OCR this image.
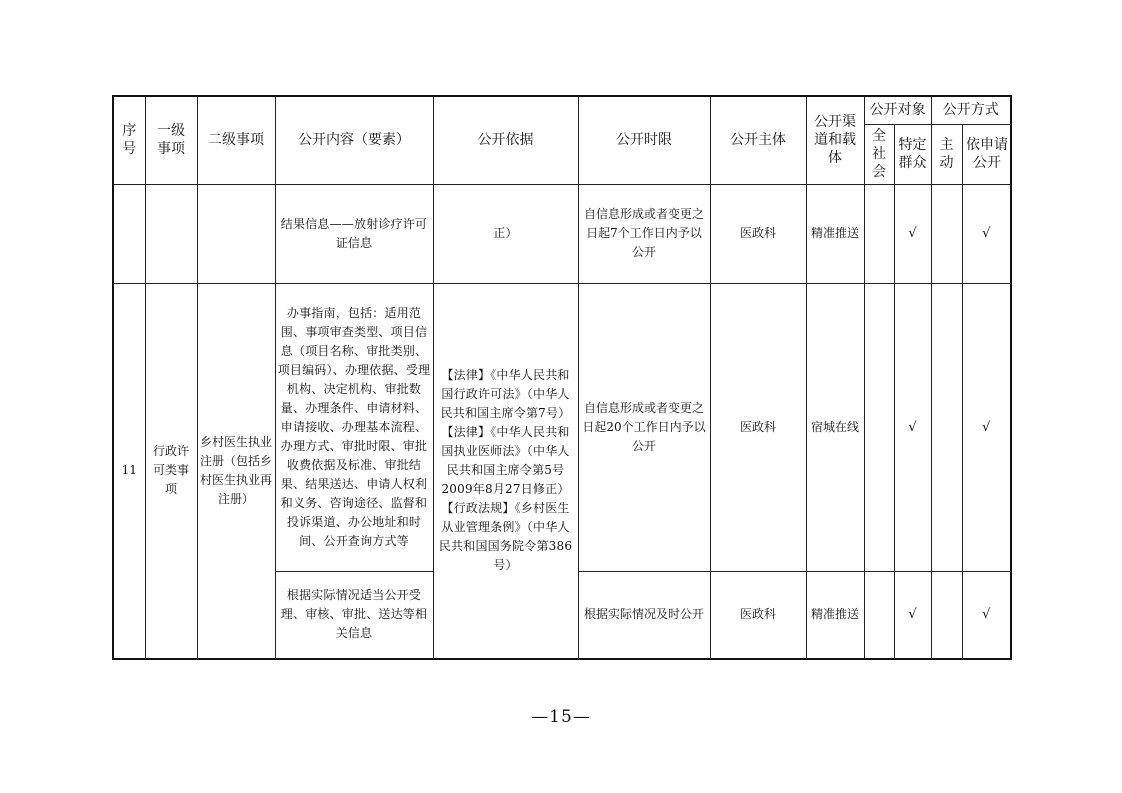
序号	一级事项	二级事项	公开内容（要素）	公开依据	公开时限	公开主体	公开渠道和载体	公开对象		公开方式	
								全社会	特定群众	主动	依申请公开
			结果信息——放射诊疗许可证信息	正）	自信息形成或者变更之日起7个工作日内予以公开	医政科	精准推送		√		√
11	行政许可类事项	乡村医生执业注册（包括乡村医生执业再注册）	办事指南，包括：适用范围、事项审查类型、项目信息（项目名称、审批类别、项目编码）、办理依据、受理机构、决定机构、审批数量、办理条件、申请材料、申请接收、办理基本流程、办理方式、审批时限、审批收费依据及标准、审批结果、结果送达、申请人权利和义务、咨询途径、监督和投诉渠道、办公地址和时间、公开查询方式等	【法律】《中华人民共和国行政许可法》（中华人民共和国主席令第7号）【法律】《中华人民共和国执业医师法》（中华人民共和国主席令第5号 2009年8月27日修正）【行政法规】《乡村医生从业管理条例》（中华人民共和国国务院令第386号）	自信息形成或者变更之日起20个工作日内予以公开	医政科	宿城在线		√		√
			根据实际情况适当公开受理、审核、审批、送达等相关信息		根据实际情况及时公开	医政科	精准推送		√		√
—15—
